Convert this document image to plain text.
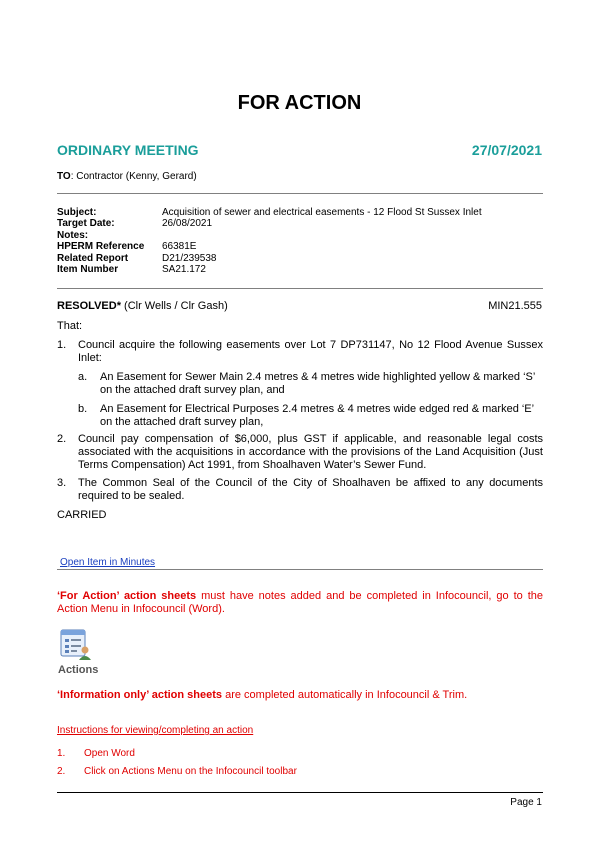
FOR ACTION
ORDINARY MEETING	27/07/2021
TO: Contractor (Kenny, Gerard)
Subject:	Acquisition of sewer and electrical easements - 12 Flood St Sussex Inlet
Target Date:	26/08/2021
Notes:
HPERM Reference	66381E
Related Report	D21/239538
Item Number	SA21.172
RESOLVED* (Clr Wells / Clr Gash)	MIN21.555
That:
1. Council acquire the following easements over Lot 7 DP731147, No 12 Flood Avenue Sussex Inlet:
a. An Easement for Sewer Main 2.4 metres & 4 metres wide highlighted yellow & marked ‘S’ on the attached draft survey plan, and
b. An Easement for Electrical Purposes 2.4 metres & 4 metres wide edged red & marked ‘E’ on the attached draft survey plan,
2. Council pay compensation of $6,000, plus GST if applicable, and reasonable legal costs associated with the acquisitions in accordance with the provisions of the Land Acquisition (Just Terms Compensation) Act 1991, from Shoalhaven Water’s Sewer Fund.
3. The Common Seal of the Council of the City of Shoalhaven be affixed to any documents required to be sealed.
CARRIED
Open Item in Minutes
‘For Action’ action sheets must have notes added and be completed in Infocouncil, go to the Action Menu in Infocouncil (Word).
Actions
‘Information only’ action sheets are completed automatically in Infocouncil & Trim.
Instructions for viewing/completing an action
1. Open Word
2. Click on Actions Menu on the Infocouncil toolbar
Page 1
